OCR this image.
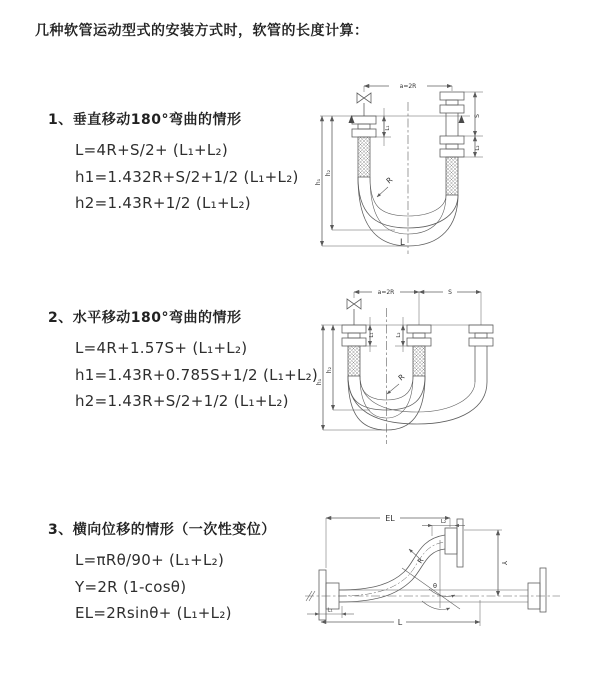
几种软管运动型式的安装方式时，软管的长度计算：
1、垂直移动180°弯曲的情形
L=4R+S/2+ (L₁+L₂)
h1=1.432R+S/2+1/2 (L₁+L₂)
h2=1.43R+1/2 (L₁+L₂)
2、水平移动180°弯曲的情形
L=4R+1.57S+ (L₁+L₂)
h1=1.43R+0.785S+1/2 (L₁+L₂)
h2=1.43R+S/2+1/2 (L₁+L₂)
3、横向位移的情形（一次性变位）
L=πRθ/90+ (L₁+L₂)
Y=2R (1-cosθ)
EL=2Rsinθ+ (L₁+L₂)
a=2R
L₁
S
L₂
h₂
h₁	R
L
a=2R	S
L₁	L₂
h₂
h₁	R
EL	L₂
Y
R
θ
L
L₁
